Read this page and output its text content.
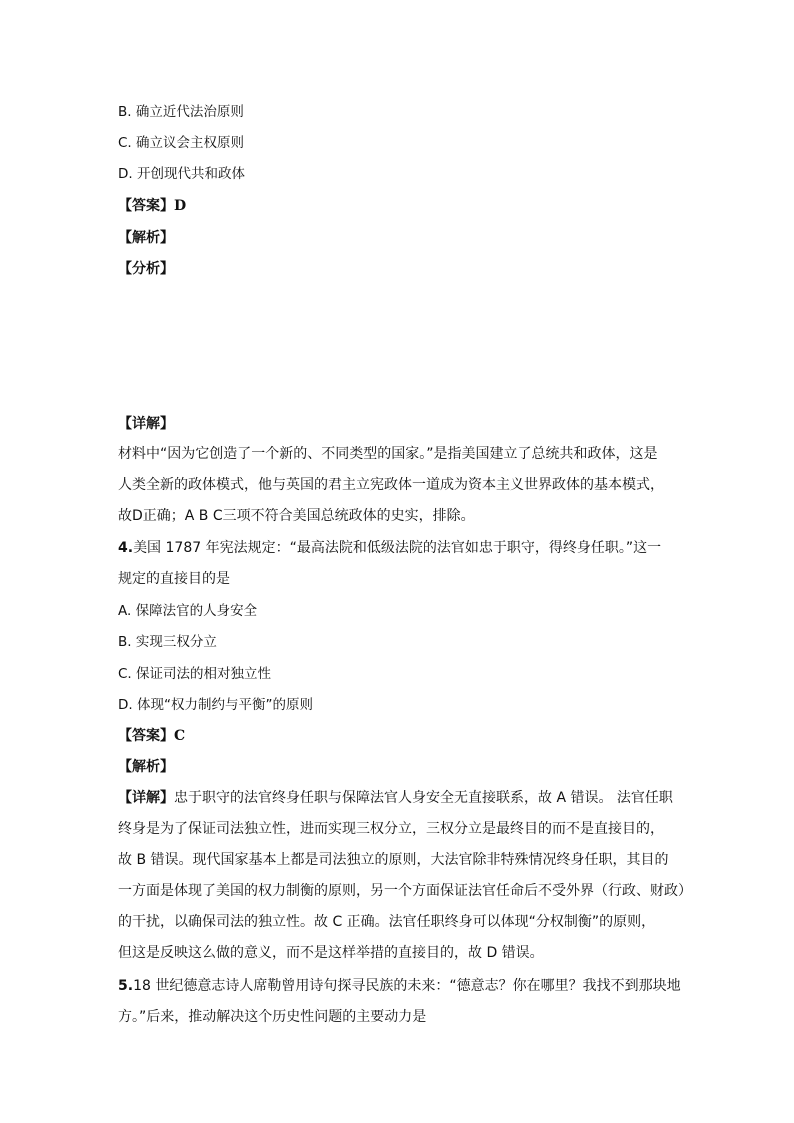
B. 确立近代法治原则
C. 确立议会主权原则
D. 开创现代共和政体
【答案】D
【解析】
【分析】
【详解】
材料中“因为它创造了一个新的、不同类型的国家。”是指美国建立了总统共和政体，这是
人类全新的政体模式，他与英国的君主立宪政体一道成为资本主义世界政体的基本模式，
故D正确；A B C三项不符合美国总统政体的史实，排除。
4.美国 1787 年宪法规定：“最高法院和低级法院的法官如忠于职守，得终身任职。”这一
规定的直接目的是
A. 保障法官的人身安全
B. 实现三权分立
C. 保证司法的相对独立性
D. 体现“权力制约与平衡”的原则
【答案】C
【解析】
【详解】忠于职守的法官终身任职与保障法官人身安全无直接联系，故 A 错误。 法官任职
终身是为了保证司法独立性，进而实现三权分立，三权分立是最终目的而不是直接目的，
故 B 错误。现代国家基本上都是司法独立的原则，大法官除非特殊情况终身任职，其目的
一方面是体现了美国的权力制衡的原则，另一个方面保证法官任命后不受外界（行政、财政）
的干扰，以确保司法的独立性。故 C 正确。法官任职终身可以体现“分权制衡”的原则，
但这是反映这么做的意义，而不是这样举措的直接目的，故 D 错误。
5.18 世纪德意志诗人席勒曾用诗句探寻民族的未来：“德意志？你在哪里？我找不到那块地
方。”后来，推动解决这个历史性问题的主要动力是
